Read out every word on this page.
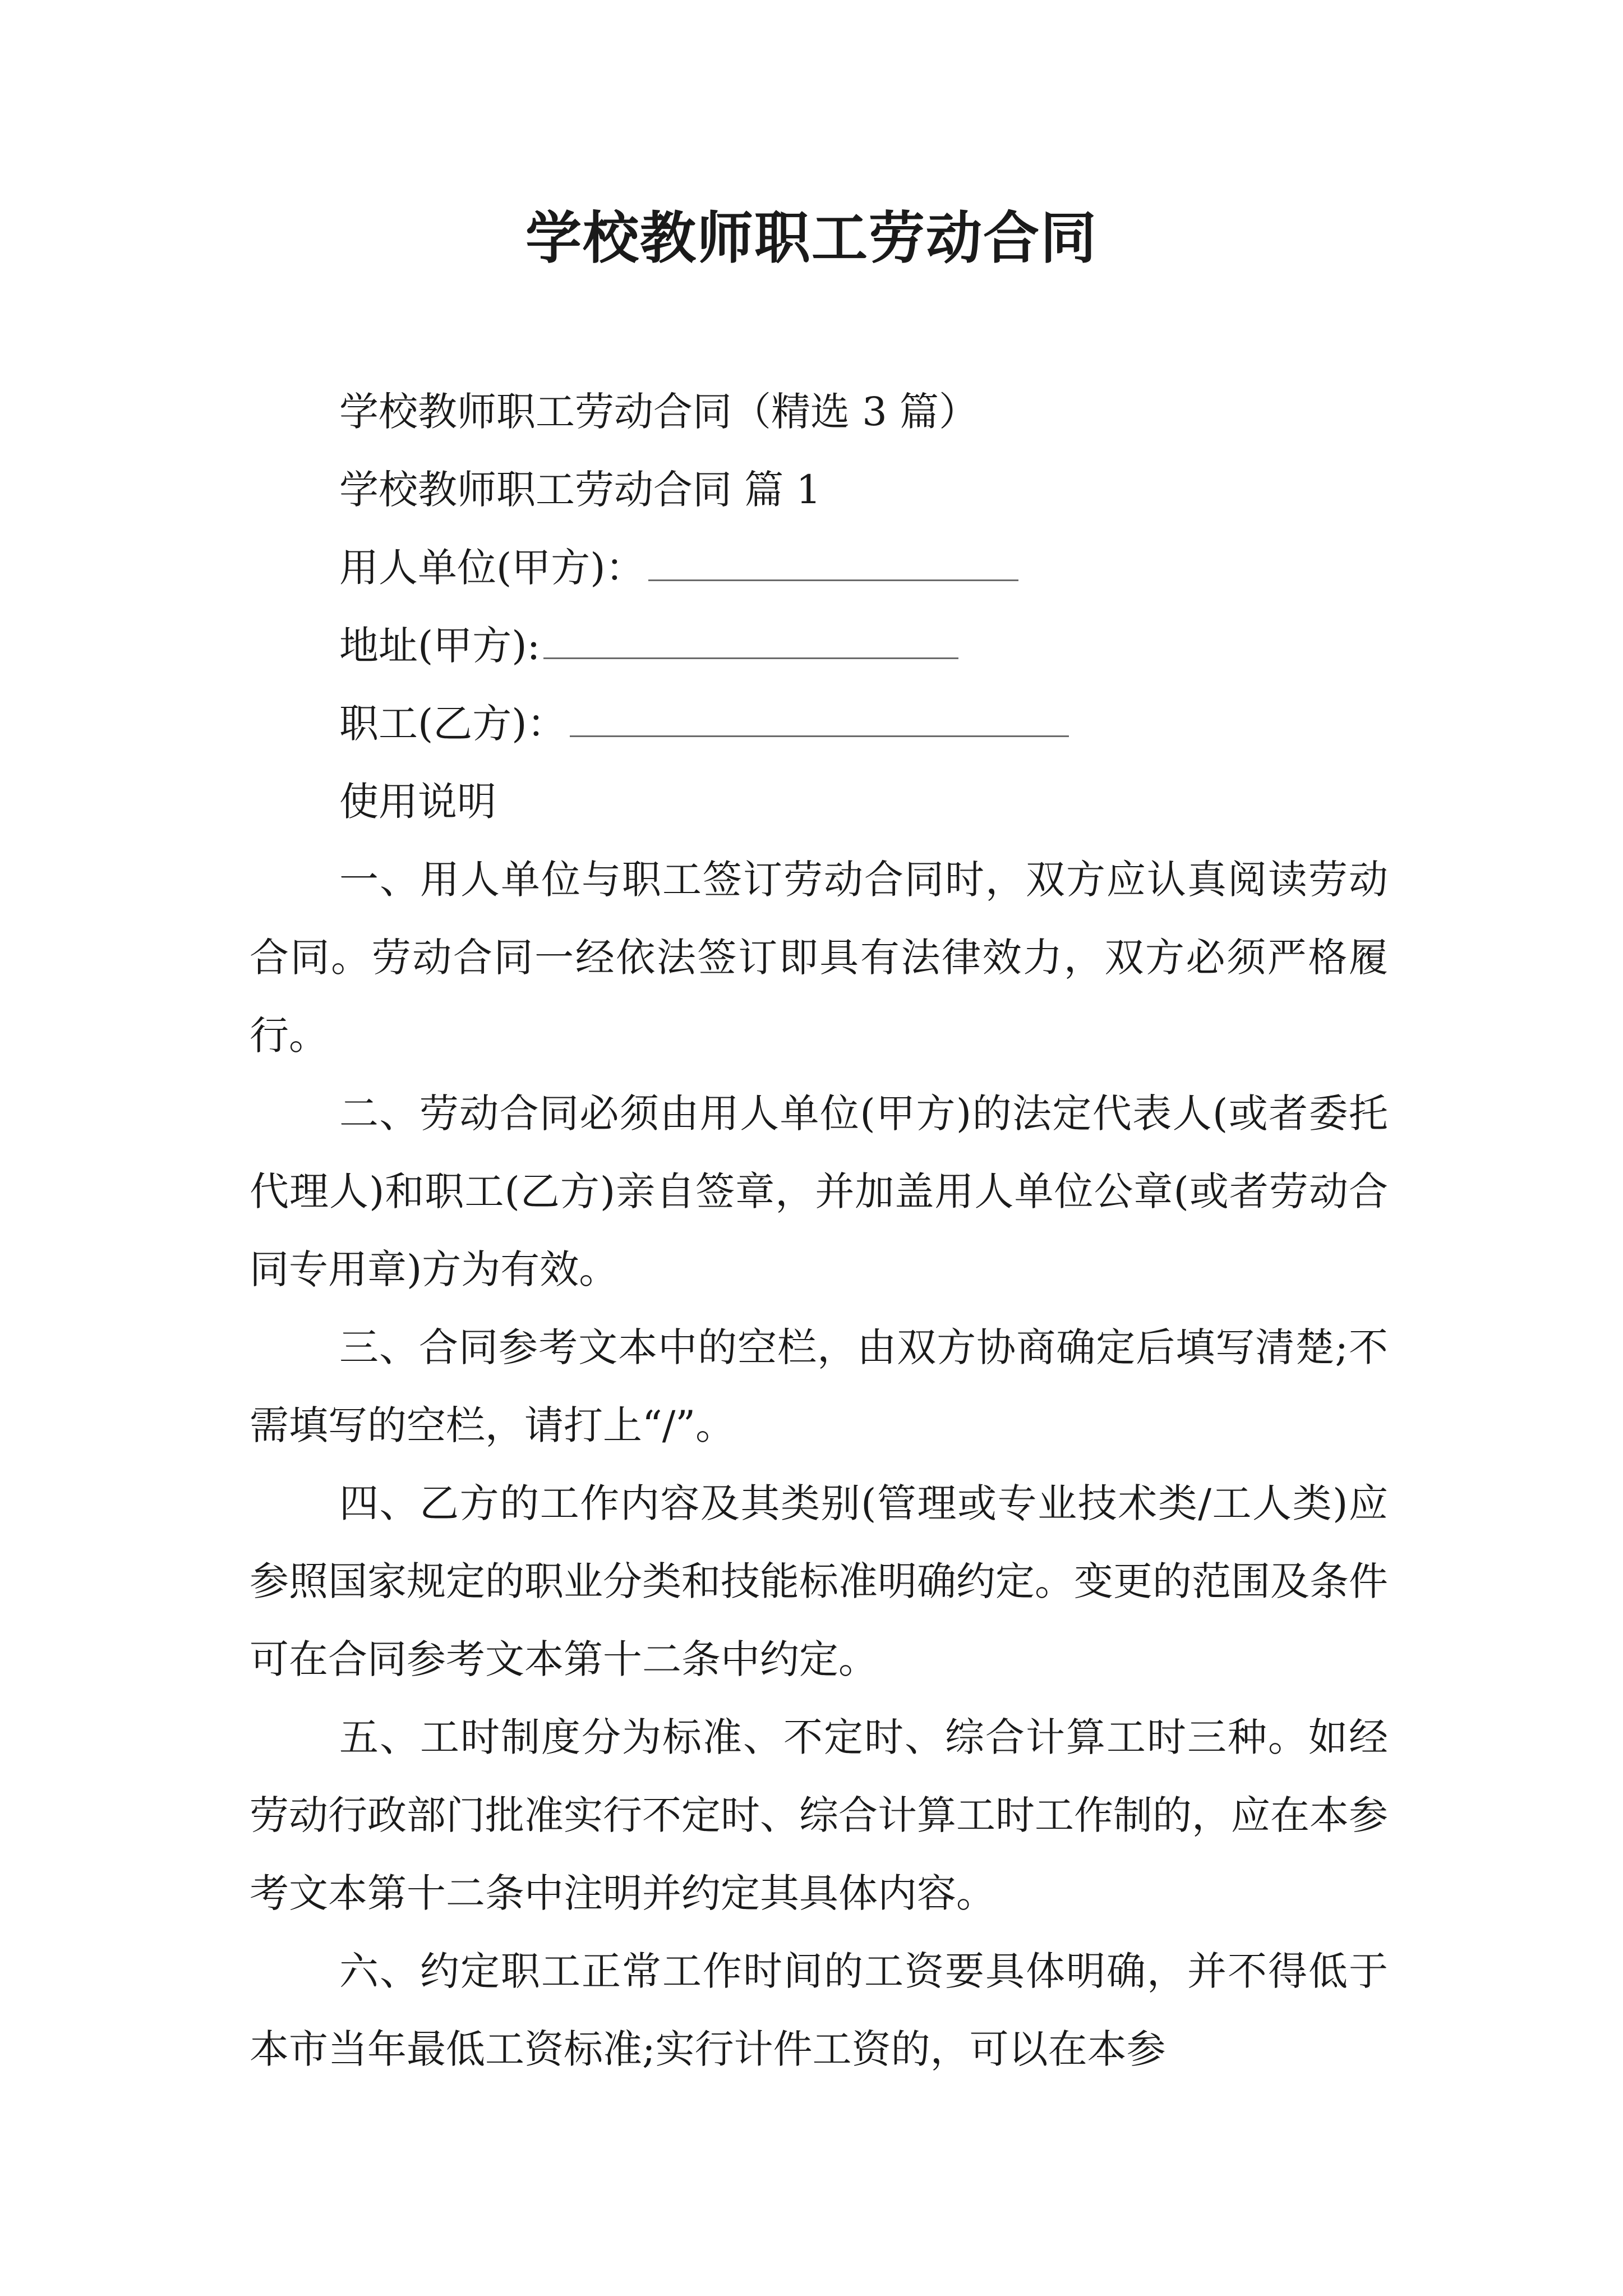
学校教师职工劳动合同
学校教师职工劳动合同（精选 3 篇）
学校教师职工劳动合同 篇 1
用人单位(甲方)：
地址(甲方):
职工(乙方)：
使用说明

一、用人单位与职工签订劳动合同时，双方应认真阅读劳动合同。劳动合同一经依法签订即具有法律效力，双方必须严格履行。

二、劳动合同必须由用人单位(甲方)的法定代表人(或者委托代理人)和职工(乙方)亲自签章，并加盖用人单位公章(或者劳动合同专用章)方为有效。

三、合同参考文本中的空栏，由双方协商确定后填写清楚;不需填写的空栏，请打上“/”。

四、乙方的工作内容及其类别(管理或专业技术类/工人类)应参照国家规定的职业分类和技能标准明确约定。变更的范围及条件可在合同参考文本第十二条中约定。

五、工时制度分为标准、不定时、综合计算工时三种。如经劳动行政部门批准实行不定时、综合计算工时工作制的，应在本参考文本第十二条中注明并约定其具体内容。

六、约定职工正常工作时间的工资要具体明确，并不得低于本市当年最低工资标准;实行计件工资的，可以在本参
